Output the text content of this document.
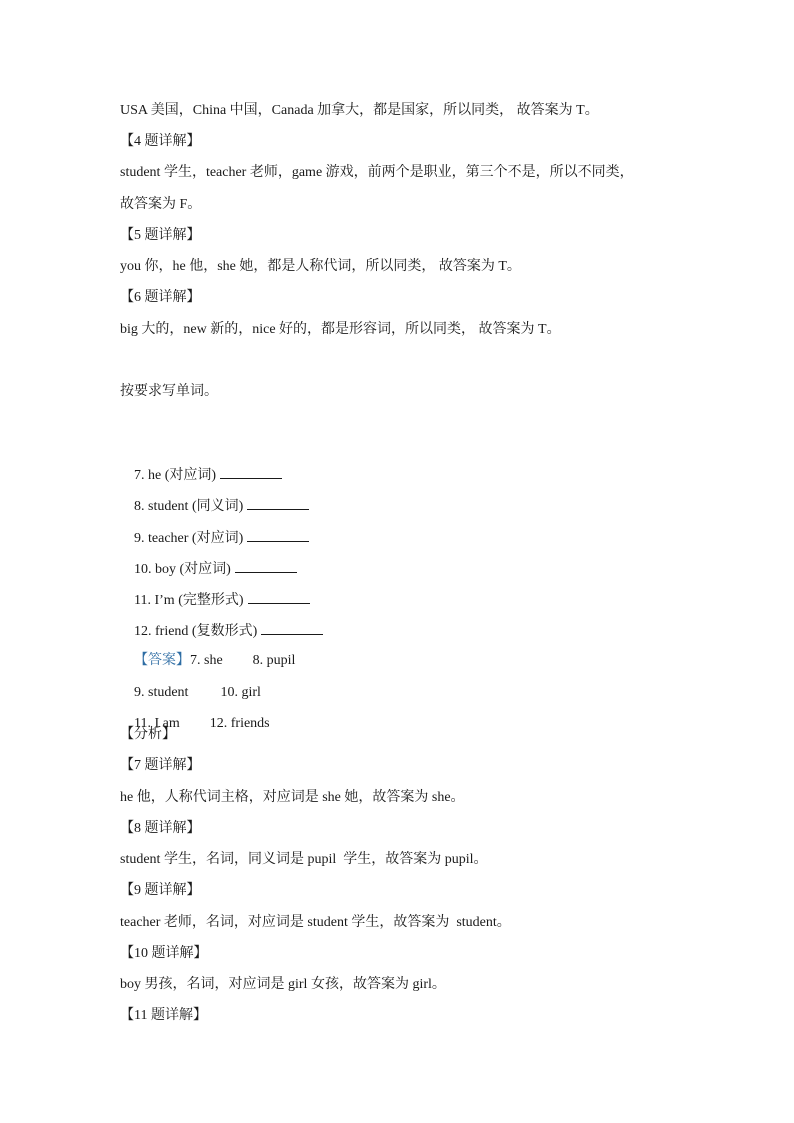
USA 美国，China 中国，Canada 加拿大，都是国家，所以同类， 故答案为 T。
【4 题详解】
student 学生，teacher 老师，game 游戏，前两个是职业，第三个不是，所以不同类，
故答案为 F。
【5 题详解】
you 你，he 他，she 她，都是人称代词，所以同类， 故答案为 T。
【6 题详解】
big 大的，new 新的，nice 好的，都是形容词，所以同类， 故答案为 T。
按要求写单词。

7. he (对应词)

8. student (同义词)

9. teacher (对应词)

10. boy (对应词)

11. I’m (完整形式)

12. friend (复数形式)

【答案】7. she 8. pupil

9. student 10. girl

11. I am 12. friends

【分析】
【7 题详解】
he 他，人称代词主格，对应词是 she 她，故答案为 she。
【8 题详解】
student 学生，名词，同义词是 pupil  学生，故答案为 pupil。
【9 题详解】
teacher 老师，名词，对应词是 student 学生，故答案为  student。
【10 题详解】
boy 男孩，名词，对应词是 girl 女孩，故答案为 girl。
【11 题详解】
